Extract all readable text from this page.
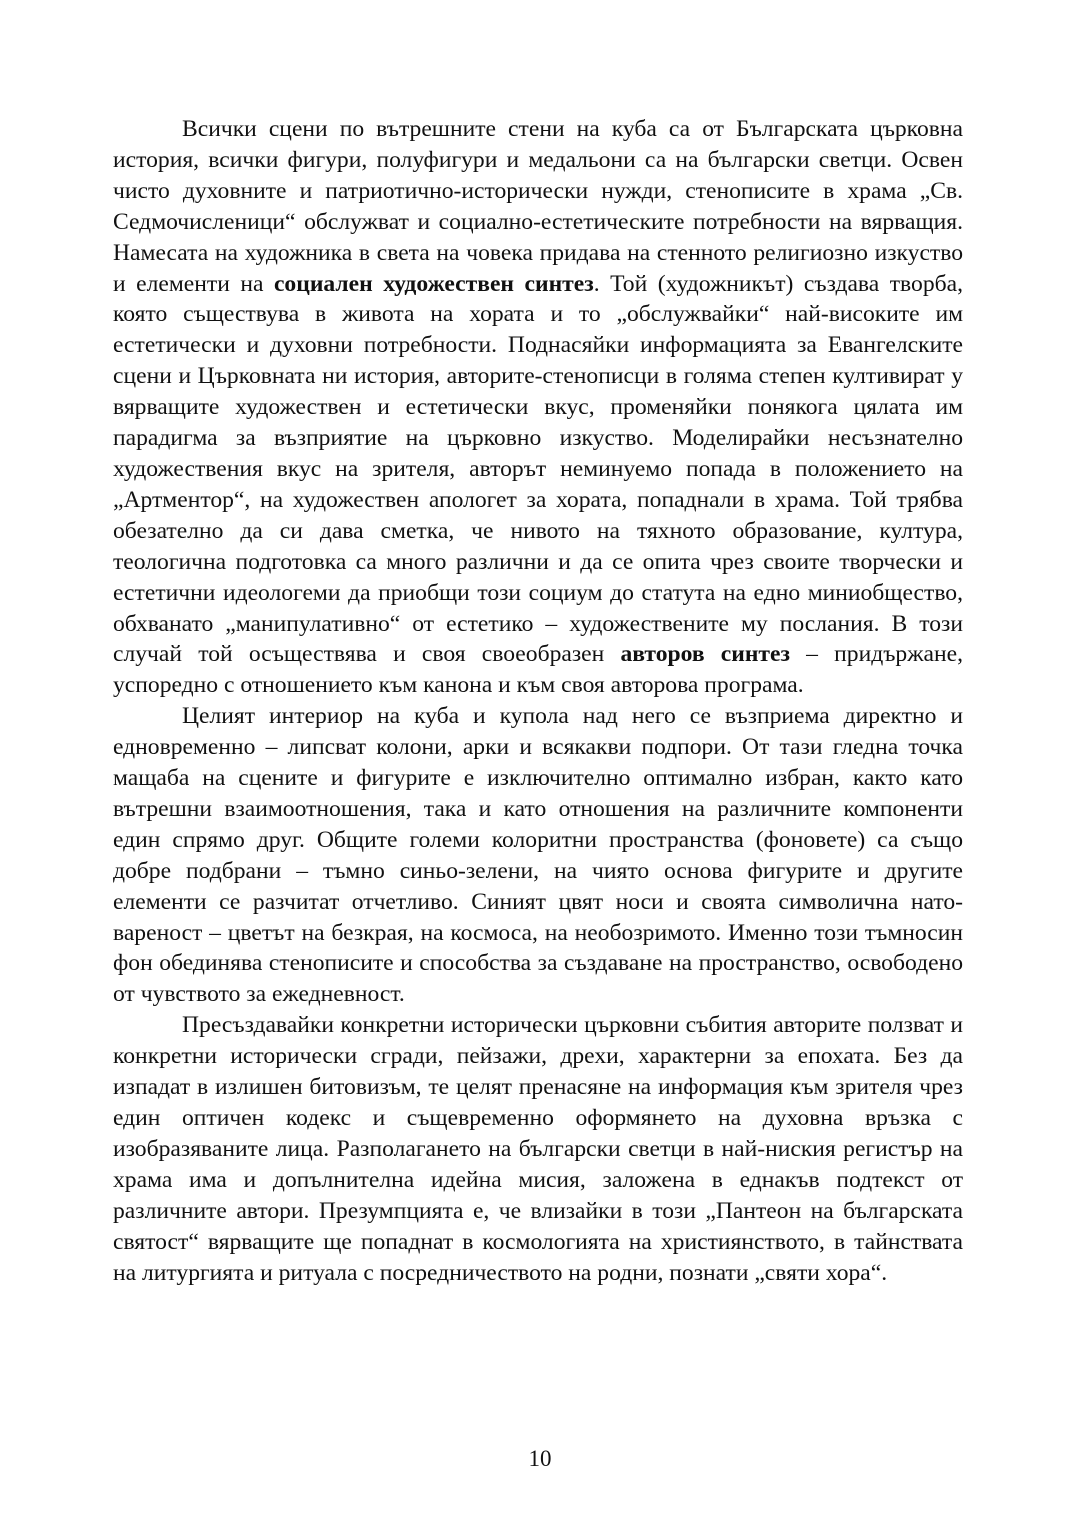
Всички сцени по вътрешните стени на куба са от Българската църковна история, всички фигури, полуфигури и медальони са на български светци. Освен чисто духовните и патриотично-исторически нужди, стенописите в храма „Св. Седмочисленици“ обслужват и социално-естетическите потребности на вярващия. Намесата на художника в света на човека придава на стенното религиозно изкуство и елементи на социален художествен синтез. Той (художникът) създава творба, която съществува в живота на хората и то „обслужвайки“ най-високите им естетически и духовни потребности. Поднасяйки информацията за Евангелските сцени и Църковната ни история, авторите-стенописци в голяма степен култивират у вярващите художествен и естетически вкус, променяйки понякога цялата им парадигма за възприятие на църковно изкуство. Моделирайки несъзнателно художествения вкус на зрителя, авторът неминуемо попада в положението на „Артментор“, на художествен апологет за хората, попаднали в храма. Той трябва обезателно да си дава сметка, че нивото на тяхното образование, култура, теологична подготовка са много различни и да се опита чрез своите творчески и естетични идеологеми да приобщи този социум до статута на едно миниобщество, обхванато „манипулативно“ от естетико – художествените му послания. В този случай той осъществява и своя своеобразен авторов синтез – придържане, успоредно с отношението към канона и към своя авторова програма.

Целият интериор на куба и купола над него се възприема директно и едновременно – липсват колони, арки и всякакви подпори. От тази гледна точка мащаба на сцените и фигурите е изключително оптимално избран, както като вътрешни взаимоотношения, така и като отношения на различните компоненти един спрямо друг. Общите големи колоритни пространства (фоновете) са също добре подбрани – тъмно синьо-зелени, на чиято основа фигурите и другите елементи се разчитат отчетливо. Синият цвят носи и своята символична натовареност – цветът на безкрая, на космоса, на необозримото. Именно този тъмносин фон обединява стенописите и способства за създаване на пространство, освободено от чувството за ежедневност.

Пресъздавайки конкретни исторически църковни събития авторите ползват и конкретни исторически сгради, пейзажи, дрехи, характерни за епохата. Без да изпадат в излишен битовизъм, те целят пренасяне на информация към зрителя чрез един оптичен кодекс и същевременно оформянето на духовна връзка с изобразяваните лица. Разполагането на български светци в най-ниския регистър на храма има и допълнителна идейна мисия, заложена в еднакъв подтекст от различните автори. Презумпцията е, че влизайки в този „Пантеон на българската святост“ вярващите ще попаднат в космологията на християнството, в тайнствата на литургията и ритуала с посредничеството на родни, познати „святи хора“.

10
